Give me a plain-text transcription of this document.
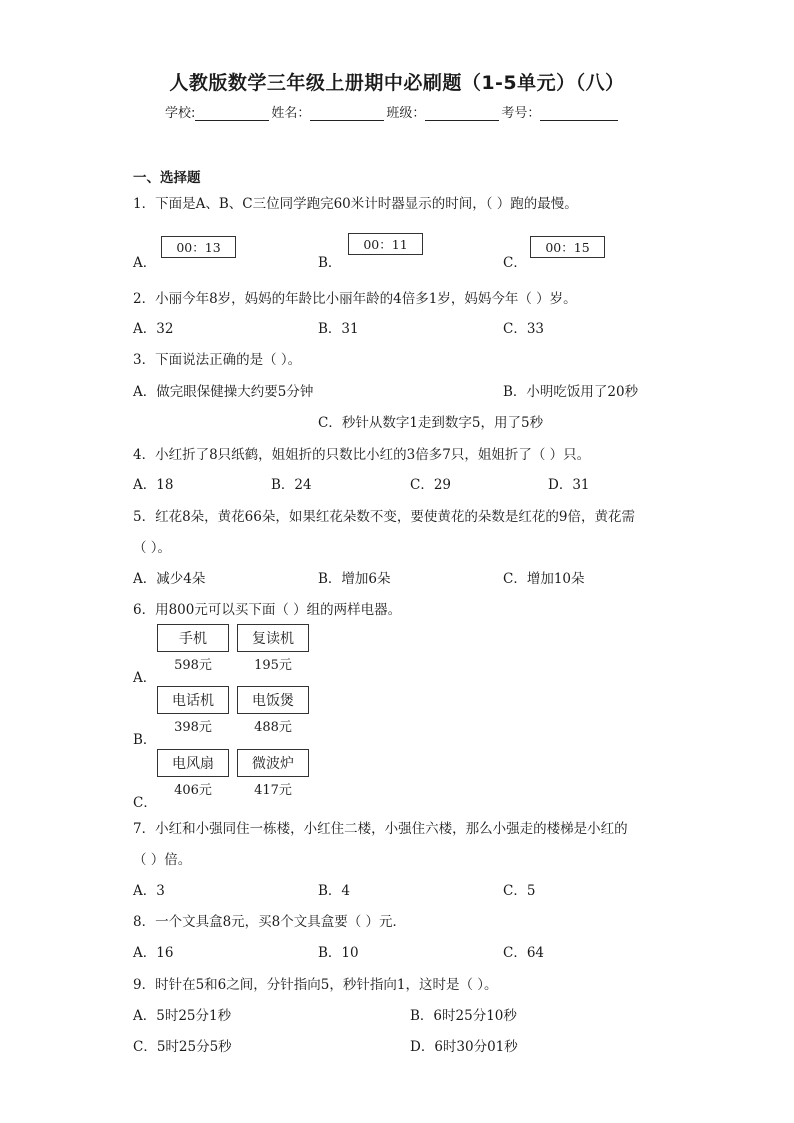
人教版数学三年级上册期中必刷题（1-5单元）（八）
学校:	姓名：	班级：	考号：
一、选择题
1．下面是A、B、C三位同学跑完60米计时器显示的时间，（ ）跑的最慢。
A．
00：13
B．
00：11
C．
00：15
2．小丽今年8岁，妈妈的年龄比小丽年龄的4倍多1岁，妈妈今年（ ）岁。
A．32	B．31	C．33
3．下面说法正确的是（ ）。
A．做完眼保健操大约要5分钟	B．小明吃饭用了20秒
C．秒针从数字1走到数字5，用了5秒
4．小红折了8只纸鹤，姐姐折的只数比小红的3倍多7只，姐姐折了（ ）只。
A．18	B．24	C．29	D．31
5．红花8朵，黄花66朵，如果红花朵数不变，要使黄花的朵数是红花的9倍，黄花需
（ ）。
A．减少4朵	B．增加6朵	C．增加10朵
6．用800元可以买下面（ ）组的两样电器。
手机	复读机
598元	195元
A．
电话机	电饭煲
398元	488元
B．
电风扇	微波炉
406元	417元
C．
7．小红和小强同住一栋楼，小红住二楼，小强住六楼，那么小强走的楼梯是小红的
（ ）倍。
A．3	B．4	C．5
8．一个文具盒8元，买8个文具盒要（ ）元．
A．16	B．10	C．64
9．时针在5和6之间，分针指向5，秒针指向1，这时是（ ）。
A．5时25分1秒	B．6时25分10秒
C．5时25分5秒	D．6时30分01秒
